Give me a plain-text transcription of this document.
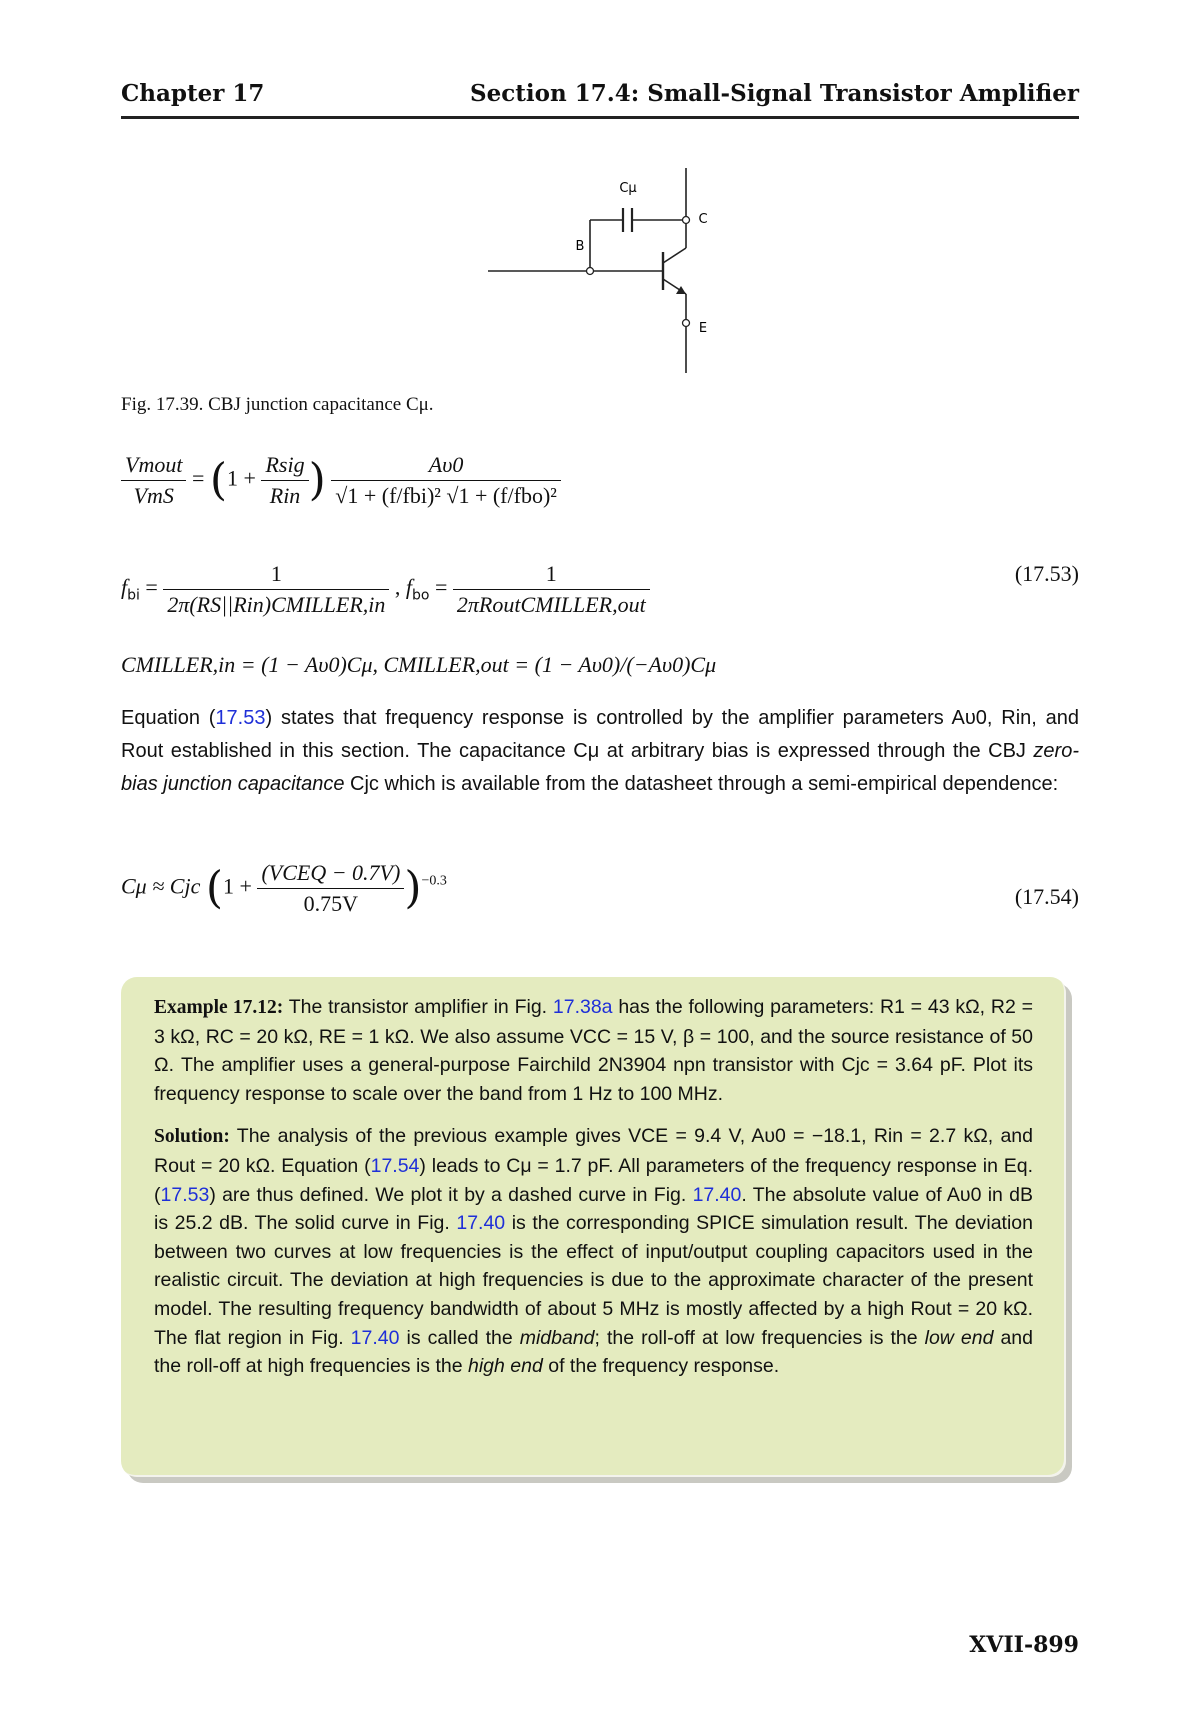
Chapter 17	Section 17.4: Small-Signal Transistor Amplifier
Cμ
B
C
E
Fig. 17.39. CBJ junction capacitance Cμ.
$\frac{\text{Vmout}}{\text{VmS}} = (1 + \frac{\text{Rsig}}{\text{Rin}}$ ) $\frac{A\upsilon 0}{\text{√1 + (f/fbi)² √1 + (f/fbo)²}}$
$f_{bi} = \frac{1}{\text{2π(RS||Rin)CMILLER,in}}$ , $f_{bo} = \frac{1}{\text{2πRoutCMILLER,out}}$	(17.53)
CMILLER,in = (1 − Aυ0)Cμ, CMILLER,out = (1 − Aυ0)/(−Aυ0)Cμ
Equation (17.53) states that frequency response is controlled by the amplifier parameters Aυ0, Rin, and Rout established in this section. The capacitance Cμ at arbitrary bias is expressed through the CBJ zero-bias junction capacitance Cjc which is available from the datasheet through a semi-empirical dependence:
Cμ ≈ Cjc $(1 + \frac{\text{(VCEQ − 0.7V)}}{0.75V} )^{-0.3}$
(17.54)

Example 17.12: The transistor amplifier in Fig. 17.38a has the following parameters: R1 = 43 kΩ, R2 = 3 kΩ, RC = 20 kΩ, RE = 1 kΩ. We also assume VCC = 15 V, β = 100, and the source resistance of 50 Ω. The amplifier uses a general-purpose Fairchild 2N3904 npn transistor with Cjc = 3.64 pF. Plot its frequency response to scale over the band from 1 Hz to 100 MHz.

Solution: The analysis of the previous example gives VCE = 9.4 V, Aυ0 = −18.1, Rin = 2.7 kΩ, and Rout = 20 kΩ. Equation (17.54) leads to Cμ = 1.7 pF. All parameters of the frequency response in Eq. (17.53) are thus defined. We plot it by a dashed curve in Fig. 17.40. The absolute value of Aυ0 in dB is 25.2 dB. The solid curve in Fig. 17.40 is the corresponding SPICE simulation result. The deviation between two curves at low frequencies is the effect of input/output coupling capacitors used in the realistic circuit. The deviation at high frequencies is due to the approximate character of the present model. The resulting frequency bandwidth of about 5 MHz is mostly affected by a high Rout = 20 kΩ. The flat region in Fig. 17.40 is called the midband; the roll-off at low frequencies is the low end and the roll-off at high frequencies is the high end of the frequency response.

XVII-899
